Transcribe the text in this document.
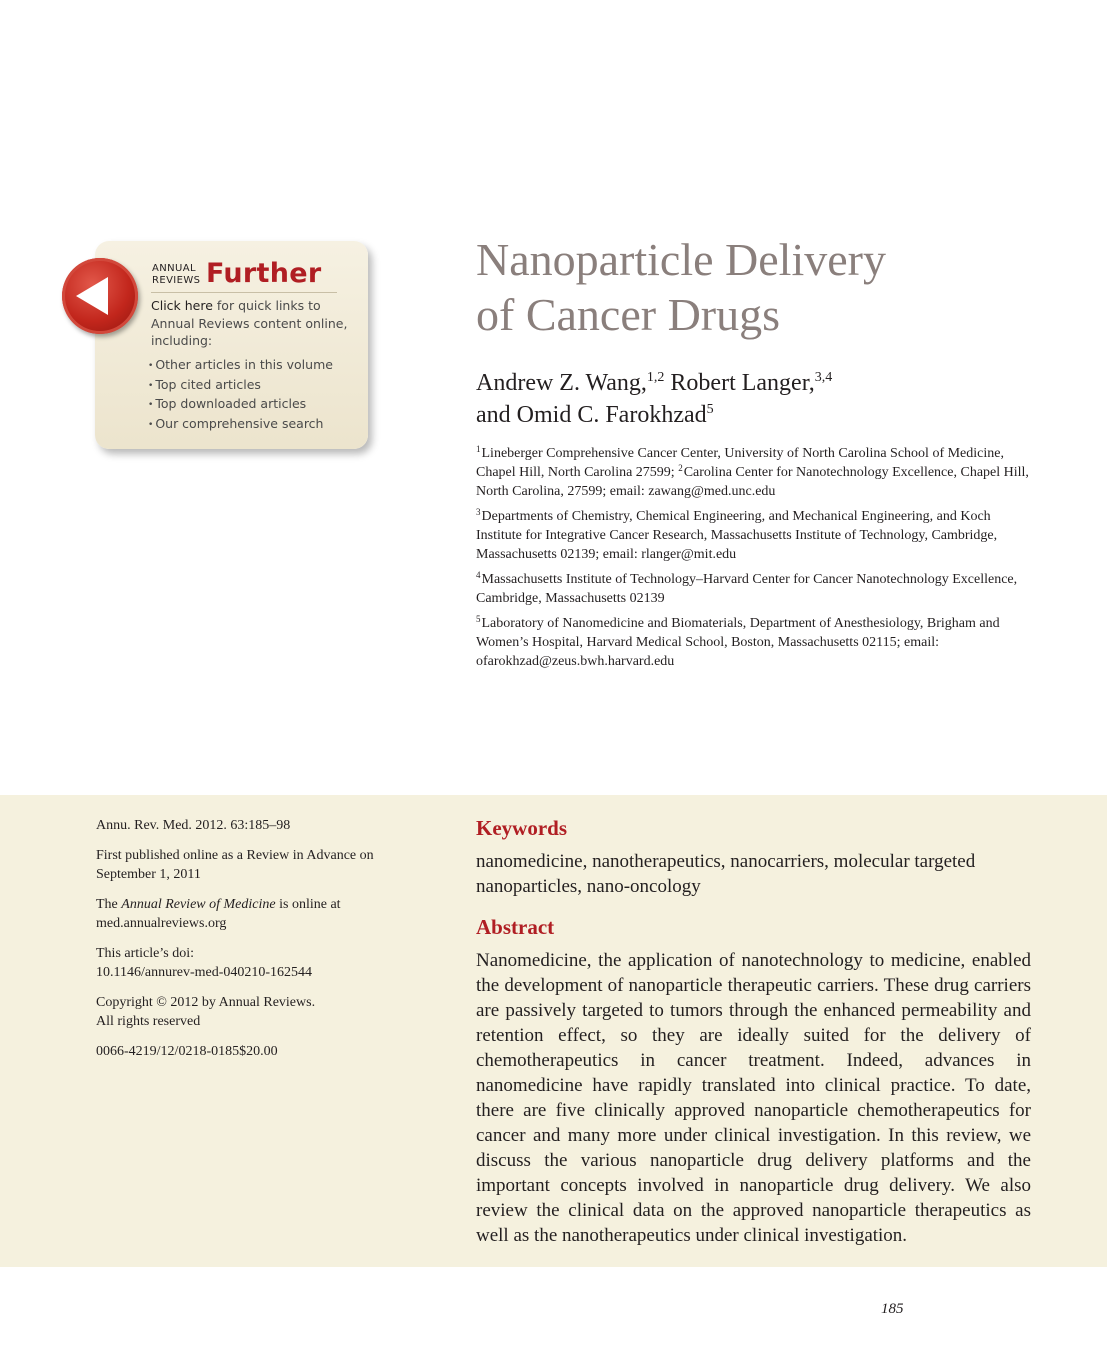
ANNUAL
REVIEWS Further
Click here for quick links to Annual Reviews content online, including:
• Other articles in this volume
• Top cited articles
• Top downloaded articles
• Our comprehensive search
Nanoparticle Delivery
of Cancer Drugs
Andrew Z. Wang,$^{1,2}$ Robert Langer,$^{3,4}$
and Omid C. Farokhzad$^5$

$^1$Lineberger Comprehensive Cancer Center, University of North Carolina School of Medicine, Chapel Hill, North Carolina 27599; $^2$Carolina Center for Nanotechnology Excellence, Chapel Hill, North Carolina, 27599; email: zawang@med.unc.edu

$^3$Departments of Chemistry, Chemical Engineering, and Mechanical Engineering, and Koch Institute for Integrative Cancer Research, Massachusetts Institute of Technology, Cambridge, Massachusetts 02139; email: rlanger@mit.edu

$^4$Massachusetts Institute of Technology–Harvard Center for Cancer Nanotechnology Excellence, Cambridge, Massachusetts 02139

$^5$Laboratory of Nanomedicine and Biomaterials, Department of Anesthesiology, Brigham and Women’s Hospital, Harvard Medical School, Boston, Massachusetts 02115; email: ofarokhzad@zeus.bwh.harvard.edu

Annu. Rev. Med. 2012. 63:185–98

First published online as a Review in Advance on September 1, 2011

The Annual Review of Medicine is online at med.annualreviews.org

This article’s doi:
10.1146/annurev-med-040210-162544

Copyright © 2012 by Annual Reviews.
All rights reserved

0066-4219/12/0218-0185$20.00

Keywords
nanomedicine, nanotherapeutics, nanocarriers, molecular targeted nanoparticles, nano-oncology
Abstract

Nanomedicine, the application of nanotechnology to medicine, enabled the development of nanoparticle therapeutic carriers. These drug carriers are passively targeted to tumors through the enhanced permeability and retention effect, so they are ideally suited for the delivery of chemotherapeutics in cancer treatment. Indeed, advances in nanomedicine have rapidly translated into clinical practice. To date, there are five clinically approved nanoparticle chemotherapeutics for cancer and many more under clinical investigation. In this review, we discuss the various nanoparticle drug delivery platforms and the important concepts involved in nanoparticle drug delivery. We also review the clinical data on the approved nanoparticle therapeutics as well as the nanotherapeutics under clinical investigation.

185
